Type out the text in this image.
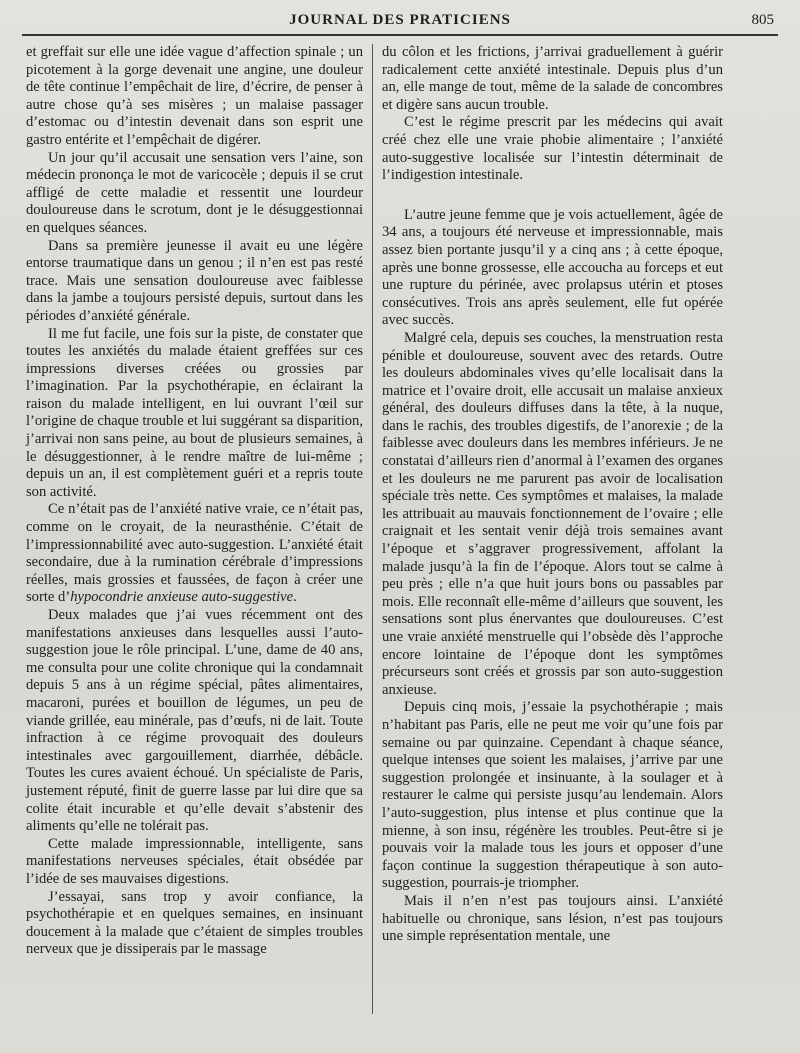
JOURNAL DES PRATICIENS	805

et greffait sur elle une idée vague d’affection spinale ; un picotement à la gorge devenait une angine, une douleur de tête continue l’empêchait de lire, d’écrire, de penser à autre chose qu’à ses misères ; un malaise passager d’estomac ou d’intestin devenait dans son esprit une gastro entérite et l’empêchait de digérer.

Un jour qu’il accusait une sensation vers l’aine, son médecin prononça le mot de varicocèle ; depuis il se crut affligé de cette maladie et ressentit une lourdeur douloureuse dans le scrotum, dont je le désuggestionnai en quelques séances.

Dans sa première jeunesse il avait eu une légère entorse traumatique dans un genou ; il n’en est pas resté trace. Mais une sensation douloureuse avec faiblesse dans la jambe a toujours persisté depuis, surtout dans les périodes d’anxiété générale.

Il me fut facile, une fois sur la piste, de constater que toutes les anxiétés du malade étaient greffées sur ces impressions diverses créées ou grossies par l’imagination. Par la psychothérapie, en éclairant la raison du malade intelligent, en lui ouvrant l’œil sur l’origine de chaque trouble et lui suggérant sa disparition, j’arrivai non sans peine, au bout de plusieurs semaines, à le désuggestionner, à le rendre maître de lui-même ; depuis un an, il est complètement guéri et a repris toute son activité.

Ce n’était pas de l’anxiété native vraie, ce n’était pas, comme on le croyait, de la neurasthénie. C’était de l’impressionnabilité avec auto-suggestion. L’anxiété était secondaire, due à la rumination cérébrale d’impressions réelles, mais grossies et faussées, de façon à créer une sorte d’hypocondrie anxieuse auto-suggestive.

Deux malades que j’ai vues récemment ont des manifestations anxieuses dans lesquelles aussi l’auto-suggestion joue le rôle principal. L’une, dame de 40 ans, me consulta pour une colite chronique qui la condamnait depuis 5 ans à un régime spécial, pâtes alimentaires, macaroni, purées et bouillon de légumes, un peu de viande grillée, eau minérale, pas d’œufs, ni de lait. Toute infraction à ce régime provoquait des douleurs intestinales avec gargouillement, diarrhée, débâcle. Toutes les cures avaient échoué. Un spécialiste de Paris, justement réputé, finit de guerre lasse par lui dire que sa colite était incurable et qu’elle devait s’abstenir des aliments qu’elle ne tolérait pas.

Cette malade impressionnable, intelligente, sans manifestations nerveuses spéciales, était obsédée par l’idée de ses mauvaises digestions.

J’essayai, sans trop y avoir confiance, la psychothérapie et en quelques semaines, en insinuant doucement à la malade que c’étaient de simples troubles nerveux que je dissiperais par le massage

du côlon et les frictions, j’arrivai graduellement à guérir radicalement cette anxiété intestinale. Depuis plus d’un an, elle mange de tout, même de la salade de concombres et digère sans aucun trouble.

C’est le régime prescrit par les médecins qui avait créé chez elle une vraie phobie alimentaire ; l’anxiété auto-suggestive localisée sur l’intestin déterminait de l’indigestion intestinale.

L’autre jeune femme que je vois actuellement, âgée de 34 ans, a toujours été nerveuse et impressionnable, mais assez bien portante jusqu’il y a cinq ans ; à cette époque, après une bonne grossesse, elle accoucha au forceps et eut une rupture du périnée, avec prolapsus utérin et ptoses consécutives. Trois ans après seulement, elle fut opérée avec succès.

Malgré cela, depuis ses couches, la menstruation resta pénible et douloureuse, souvent avec des retards. Outre les douleurs abdominales vives qu’elle localisait dans la matrice et l’ovaire droit, elle accusait un malaise anxieux général, des douleurs diffuses dans la tête, à la nuque, dans le rachis, des troubles digestifs, de l’anorexie ; de la faiblesse avec douleurs dans les membres inférieurs. Je ne constatai d’ailleurs rien d’anormal à l’examen des organes et les douleurs ne me parurent pas avoir de localisation spéciale très nette. Ces symptômes et malaises, la malade les attribuait au mauvais fonctionnement de l’ovaire ; elle craignait et les sentait venir déjà trois semaines avant l’époque et s’aggraver progressivement, affolant la malade jusqu’à la fin de l’époque. Alors tout se calme à peu près ; elle n’a que huit jours bons ou passables par mois. Elle reconnaît elle-même d’ailleurs que souvent, les sensations sont plus énervantes que douloureuses. C’est une vraie anxiété menstruelle qui l’obsède dès l’approche encore lointaine de l’époque dont les symptômes précurseurs sont créés et grossis par son auto-suggestion anxieuse.

Depuis cinq mois, j’essaie la psychothérapie ; mais n’habitant pas Paris, elle ne peut me voir qu’une fois par semaine ou par quinzaine. Cependant à chaque séance, quelque intenses que soient les malaises, j’arrive par une suggestion prolongée et insinuante, à la soulager et à restaurer le calme qui persiste jusqu’au lendemain. Alors l’auto-suggestion, plus intense et plus continue que la mienne, à son insu, régénère les troubles. Peut-être si je pouvais voir la malade tous les jours et opposer d’une façon continue la suggestion thérapeutique à son auto-suggestion, pourrais-je triompher.

Mais il n’en n’est pas toujours ainsi. L’anxiété habituelle ou chronique, sans lésion, n’est pas toujours une simple représentation mentale, une
